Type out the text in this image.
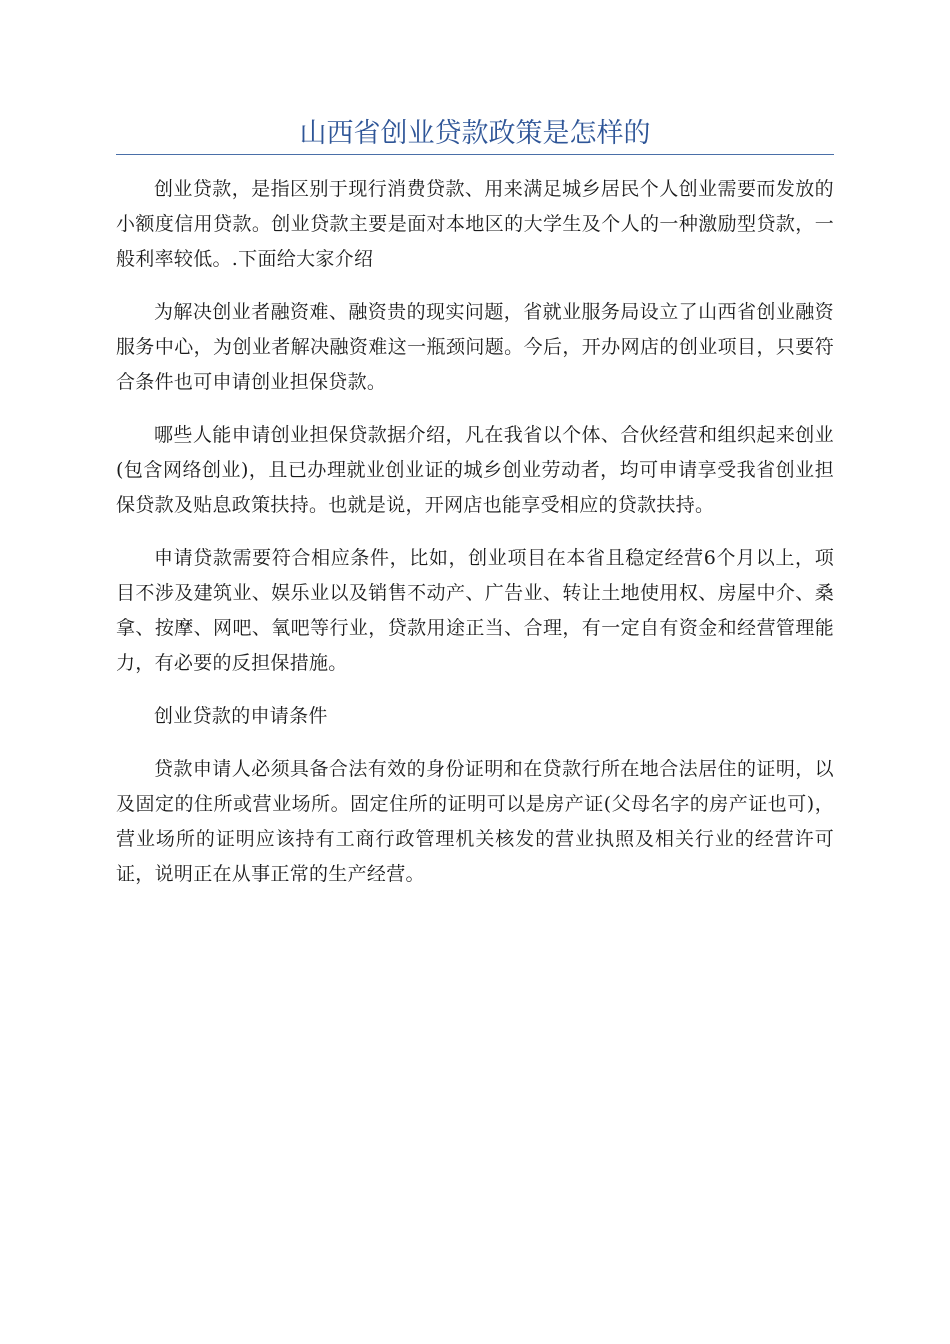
山西省创业贷款政策是怎样的

创业贷款，是指区别于现行消费贷款、用来满足城乡居民个人创业需要而发放的小额度信用贷款。创业贷款主要是面对本地区的大学生及个人的一种激励型贷款，一般利率较低。.下面给大家介绍

为解决创业者融资难、融资贵的现实问题，省就业服务局设立了山西省创业融资服务中心，为创业者解决融资难这一瓶颈问题。今后，开办网店的创业项目，只要符合条件也可申请创业担保贷款。

哪些人能申请创业担保贷款据介绍，凡在我省以个体、合伙经营和组织起来创业(包含网络创业)，且已办理就业创业证的城乡创业劳动者，均可申请享受我省创业担保贷款及贴息政策扶持。也就是说，开网店也能享受相应的贷款扶持。

申请贷款需要符合相应条件，比如，创业项目在本省且稳定经营6个月以上，项目不涉及建筑业、娱乐业以及销售不动产、广告业、转让土地使用权、房屋中介、桑拿、按摩、网吧、氧吧等行业，贷款用途正当、合理，有一定自有资金和经营管理能力，有必要的反担保措施。

创业贷款的申请条件

贷款申请人必须具备合法有效的身份证明和在贷款行所在地合法居住的证明，以及固定的住所或营业场所。固定住所的证明可以是房产证(父母名字的房产证也可)，营业场所的证明应该持有工商行政管理机关核发的营业执照及相关行业的经营许可证，说明正在从事正常的生产经营。
